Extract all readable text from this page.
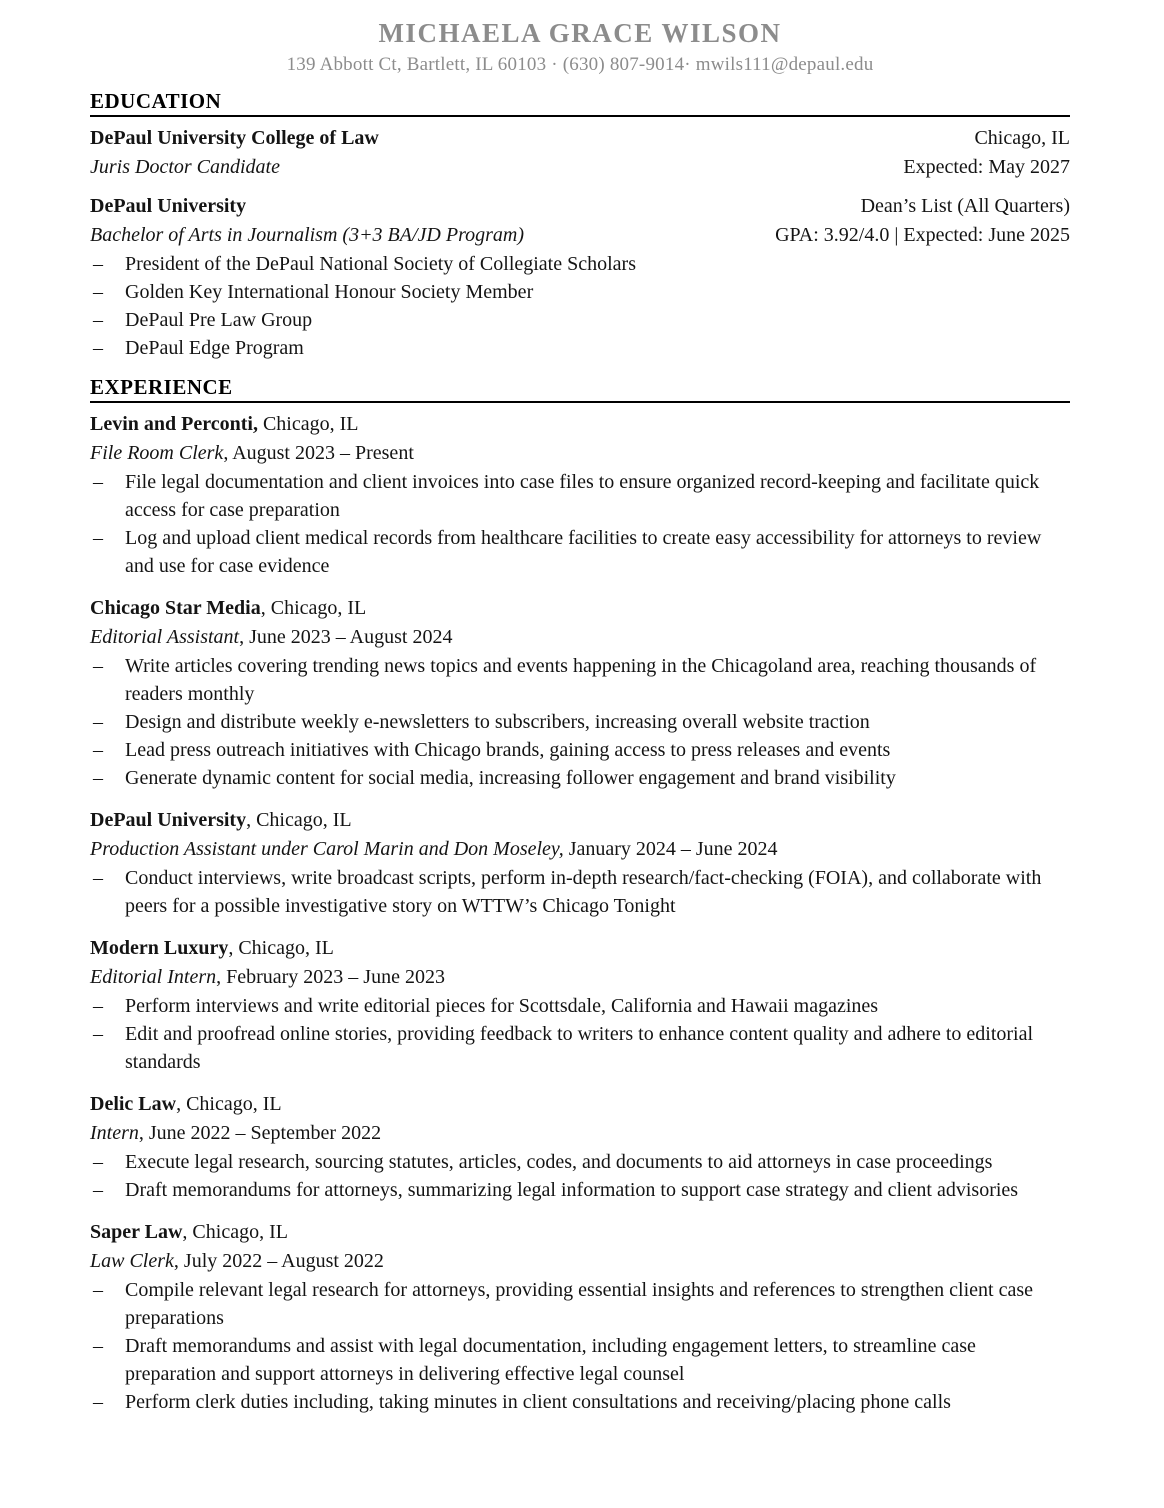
MICHAELA GRACE WILSON
139 Abbott Ct, Bartlett, IL 60103 · (630) 807-9014· mwils111@depaul.edu
EDUCATION
DePaul University College of Law	Chicago, IL
Juris Doctor Candidate	Expected: May 2027
DePaul University	Dean’s List (All Quarters)
Bachelor of Arts in Journalism (3+3 BA/JD Program)	GPA: 3.92/4.0 | Expected: June 2025
–	President of the DePaul National Society of Collegiate Scholars
–	Golden Key International Honour Society Member
–	DePaul Pre Law Group
–	DePaul Edge Program
EXPERIENCE
Levin and Perconti, Chicago, IL
File Room Clerk, August 2023 – Present
–	File legal documentation and client invoices into case files to ensure organized record-keeping and facilitate quick access for case preparation
–	Log and upload client medical records from healthcare facilities to create easy accessibility for attorneys to review and use for case evidence
Chicago Star Media, Chicago, IL
Editorial Assistant, June 2023 – August 2024
–	Write articles covering trending news topics and events happening in the Chicagoland area, reaching thousands of readers monthly
–	Design and distribute weekly e-newsletters to subscribers, increasing overall website traction
–	Lead press outreach initiatives with Chicago brands, gaining access to press releases and events
–	Generate dynamic content for social media, increasing follower engagement and brand visibility
DePaul University, Chicago, IL
Production Assistant under Carol Marin and Don Moseley, January 2024 – June 2024
–	Conduct interviews, write broadcast scripts, perform in-depth research/fact-checking (FOIA), and collaborate with peers for a possible investigative story on WTTW’s Chicago Tonight
Modern Luxury, Chicago, IL
Editorial Intern, February 2023 – June 2023
–	Perform interviews and write editorial pieces for Scottsdale, California and Hawaii magazines
–	Edit and proofread online stories, providing feedback to writers to enhance content quality and adhere to editorial standards
Delic Law, Chicago, IL
Intern, June 2022 – September 2022
–	Execute legal research, sourcing statutes, articles, codes, and documents to aid attorneys in case proceedings
–	Draft memorandums for attorneys, summarizing legal information to support case strategy and client advisories
Saper Law, Chicago, IL
Law Clerk, July 2022 – August 2022
–	Compile relevant legal research for attorneys, providing essential insights and references to strengthen client case preparations
–	Draft memorandums and assist with legal documentation, including engagement letters, to streamline case preparation and support attorneys in delivering effective legal counsel
–	Perform clerk duties including, taking minutes in client consultations and receiving/placing phone calls
